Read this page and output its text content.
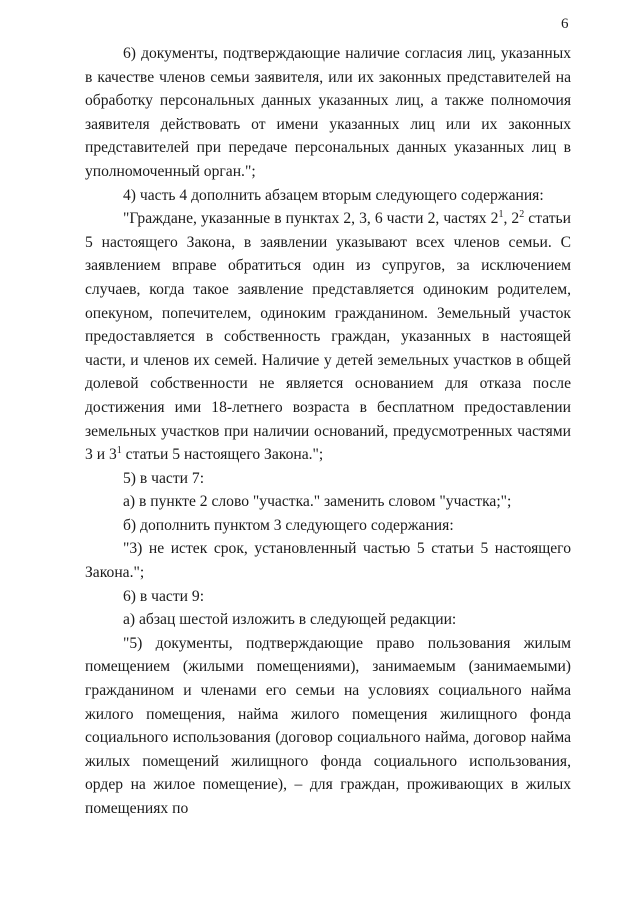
6

6) документы, подтверждающие наличие согласия лиц, указанных в качестве членов семьи заявителя, или их законных представителей на обработку персональных данных указанных лиц, а также полномочия заявителя действовать от имени указанных лиц или их законных представителей при передаче персональных данных указанных лиц в уполномоченный орган.";

4) часть 4 дополнить абзацем вторым следующего содержания:

"Граждане, указанные в пунктах 2, 3, 6 части 2, частях $2^1$, $2^2$ статьи 5 настоящего Закона, в заявлении указывают всех членов семьи. С заявлением вправе обратиться один из супругов, за исключением случаев, когда такое заявление представляется одиноким родителем, опекуном, попечителем, одиноким гражданином. Земельный участок предоставляется в собственность граждан, указанных в настоящей части, и членов их семей. Наличие у детей земельных участков в общей долевой собственности не является основанием для отказа после достижения ими 18-летнего возраста в бесплатном предоставлении земельных участков при наличии оснований, предусмотренных частями 3 и $3^1$ статьи 5 настоящего Закона.";

5) в части 7:

а) в пункте 2 слово "участка." заменить словом "участка;";

б) дополнить пунктом 3 следующего содержания:

"3) не истек срок, установленный частью 5 статьи 5 настоящего Закона.";

6) в части 9:

а) абзац шестой изложить в следующей редакции:

"5) документы, подтверждающие право пользования жилым помещением (жилыми помещениями), занимаемым (занимаемыми) гражданином и членами его семьи на условиях социального найма жилого помещения, найма жилого помещения жилищного фонда социального использования (договор социального найма, договор найма жилых помещений жилищного фонда социального использования, ордер на жилое помещение), – для граждан, проживающих в жилых помещениях по
